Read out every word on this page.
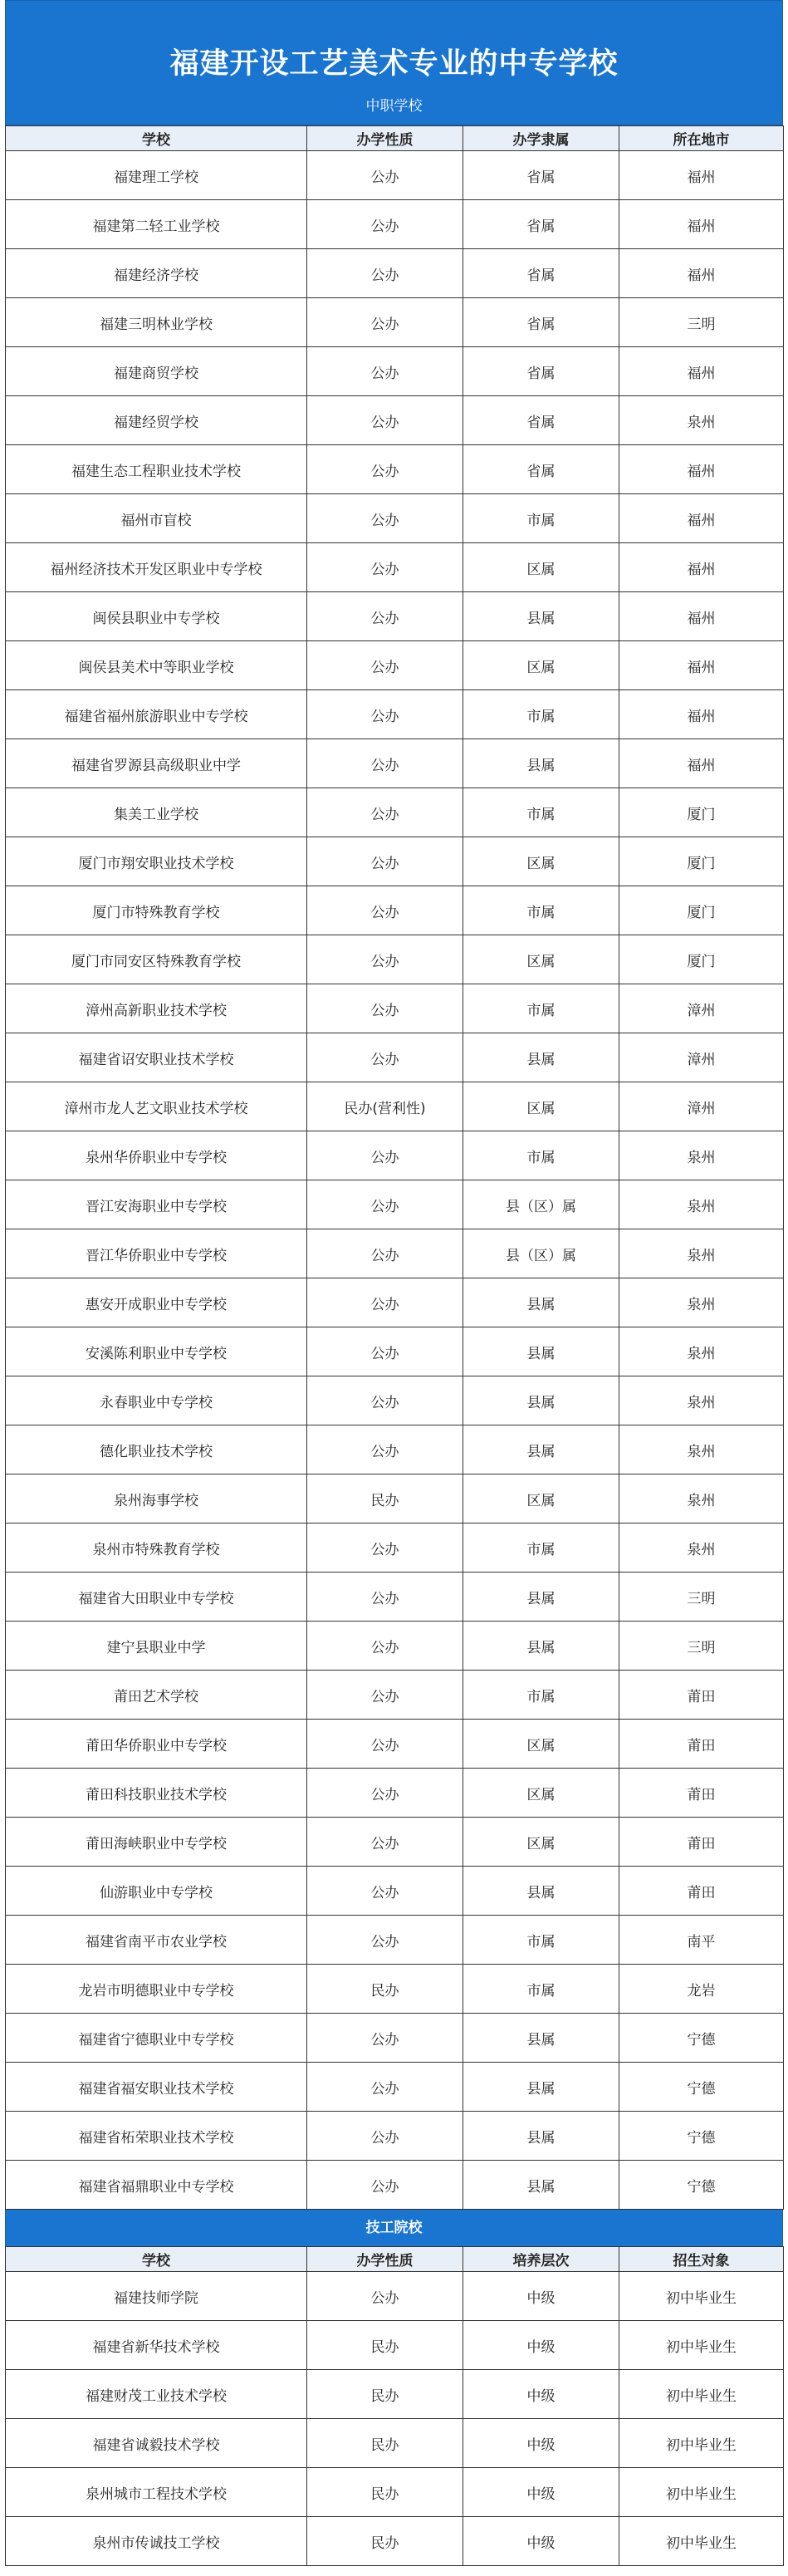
福建开设工艺美术专业的中专学校
中职学校
学校	办学性质	办学隶属	所在地市
福建理工学校	公办	省属	福州
福建第二轻工业学校	公办	省属	福州
福建经济学校	公办	省属	福州
福建三明林业学校	公办	省属	三明
福建商贸学校	公办	省属	福州
福建经贸学校	公办	省属	泉州
福建生态工程职业技术学校	公办	省属	福州
福州市盲校	公办	市属	福州
福州经济技术开发区职业中专学校	公办	区属	福州
闽侯县职业中专学校	公办	县属	福州
闽侯县美术中等职业学校	公办	区属	福州
福建省福州旅游职业中专学校	公办	市属	福州
福建省罗源县高级职业中学	公办	县属	福州
集美工业学校	公办	市属	厦门
厦门市翔安职业技术学校	公办	区属	厦门
厦门市特殊教育学校	公办	市属	厦门
厦门市同安区特殊教育学校	公办	区属	厦门
漳州高新职业技术学校	公办	市属	漳州
福建省诏安职业技术学校	公办	县属	漳州
漳州市龙人艺文职业技术学校	民办(营利性)	区属	漳州
泉州华侨职业中专学校	公办	市属	泉州
晋江安海职业中专学校	公办	县（区）属	泉州
晋江华侨职业中专学校	公办	县（区）属	泉州
惠安开成职业中专学校	公办	县属	泉州
安溪陈利职业中专学校	公办	县属	泉州
永春职业中专学校	公办	县属	泉州
德化职业技术学校	公办	县属	泉州
泉州海事学校	民办	区属	泉州
泉州市特殊教育学校	公办	市属	泉州
福建省大田职业中专学校	公办	县属	三明
建宁县职业中学	公办	县属	三明
莆田艺术学校	公办	市属	莆田
莆田华侨职业中专学校	公办	区属	莆田
莆田科技职业技术学校	公办	区属	莆田
莆田海峡职业中专学校	公办	区属	莆田
仙游职业中专学校	公办	县属	莆田
福建省南平市农业学校	公办	市属	南平
龙岩市明德职业中专学校	民办	市属	龙岩
福建省宁德职业中专学校	公办	县属	宁德
福建省福安职业技术学校	公办	县属	宁德
福建省柘荣职业技术学校	公办	县属	宁德
福建省福鼎职业中专学校	公办	县属	宁德
技工院校
学校	办学性质	培养层次	招生对象
福建技师学院	公办	中级	初中毕业生
福建省新华技术学校	民办	中级	初中毕业生
福建财茂工业技术学校	民办	中级	初中毕业生
福建省诚毅技术学校	民办	中级	初中毕业生
泉州城市工程技术学校	民办	中级	初中毕业生
泉州市传诚技工学校	民办	中级	初中毕业生
